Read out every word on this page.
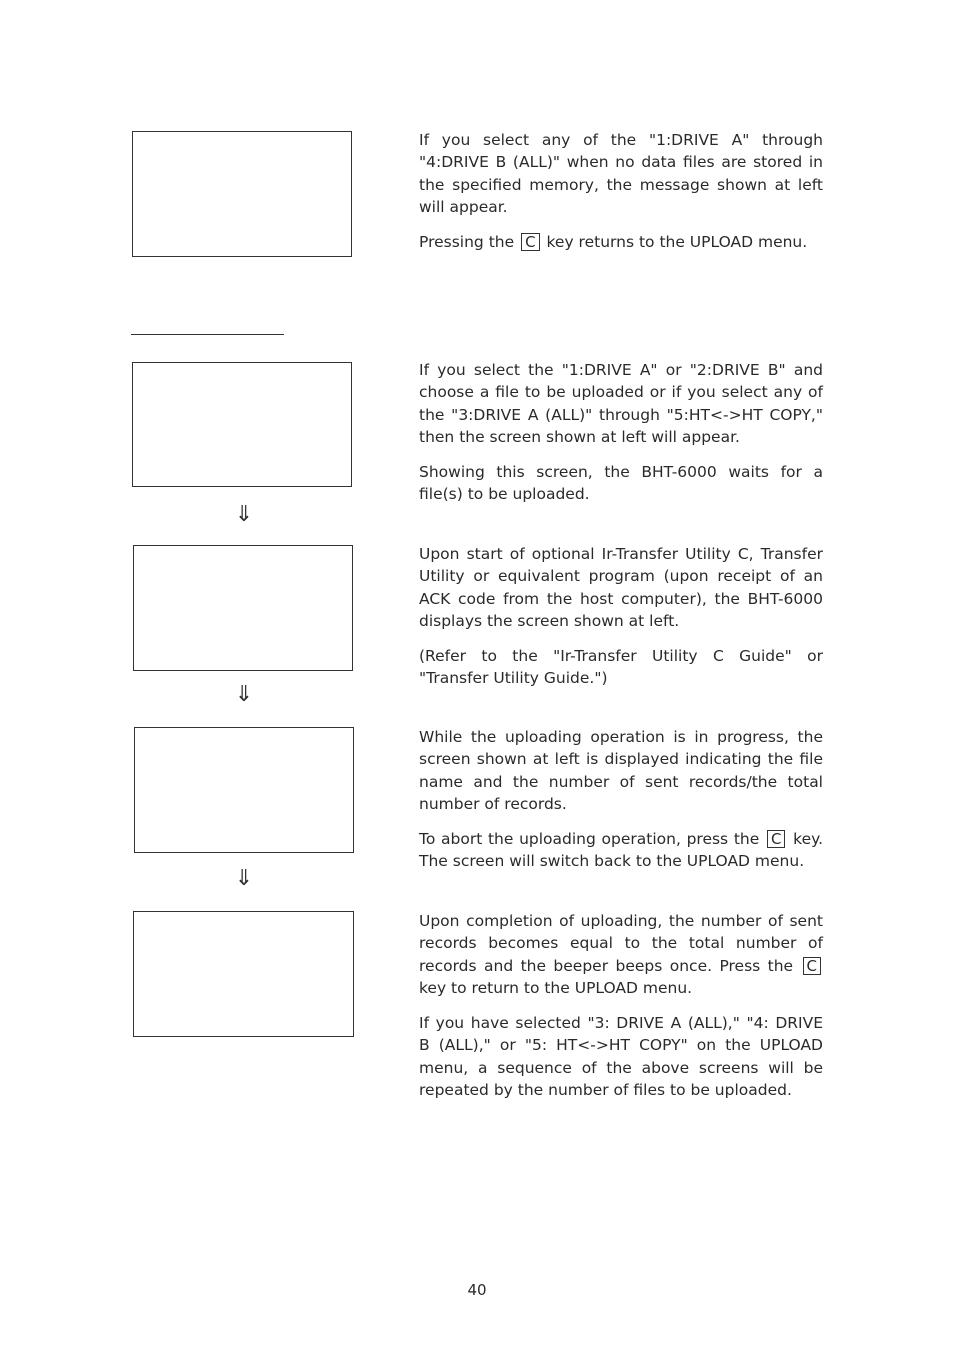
⇓
⇓
⇓

If you select any of the "1:DRIVE A" through "4:DRIVE B (ALL)" when no data files are stored in the specified memory, the message shown at left will appear.

Pressing the C key returns to the UPLOAD menu.

If you select the "1:DRIVE A" or "2:DRIVE B" and choose a file to be uploaded or if you select any of the "3:DRIVE A (ALL)" through "5:HT<->HT COPY," then the screen shown at left will appear.

Showing this screen, the BHT-6000 waits for a file(s) to be uploaded.

Upon start of optional Ir-Transfer Utility C, Transfer Utility or equivalent program (upon receipt of an ACK code from the host computer), the BHT-6000 displays the screen shown at left.

(Refer to the "Ir-Transfer Utility C Guide" or "Transfer Utility Guide.")

While the uploading operation is in progress, the screen shown at left is displayed indicating the file name and the number of sent records/the total number of records.

To abort the uploading operation, press the C key. The screen will switch back to the UPLOAD menu.

Upon completion of uploading, the number of sent records becomes equal to the total number of records and the beeper beeps once. Press the C key to return to the UPLOAD menu.

If you have selected "3: DRIVE A (ALL)," "4: DRIVE B (ALL)," or "5: HT<->HT COPY" on the UPLOAD menu, a sequence of the above screens will be repeated by the number of files to be uploaded.

40
